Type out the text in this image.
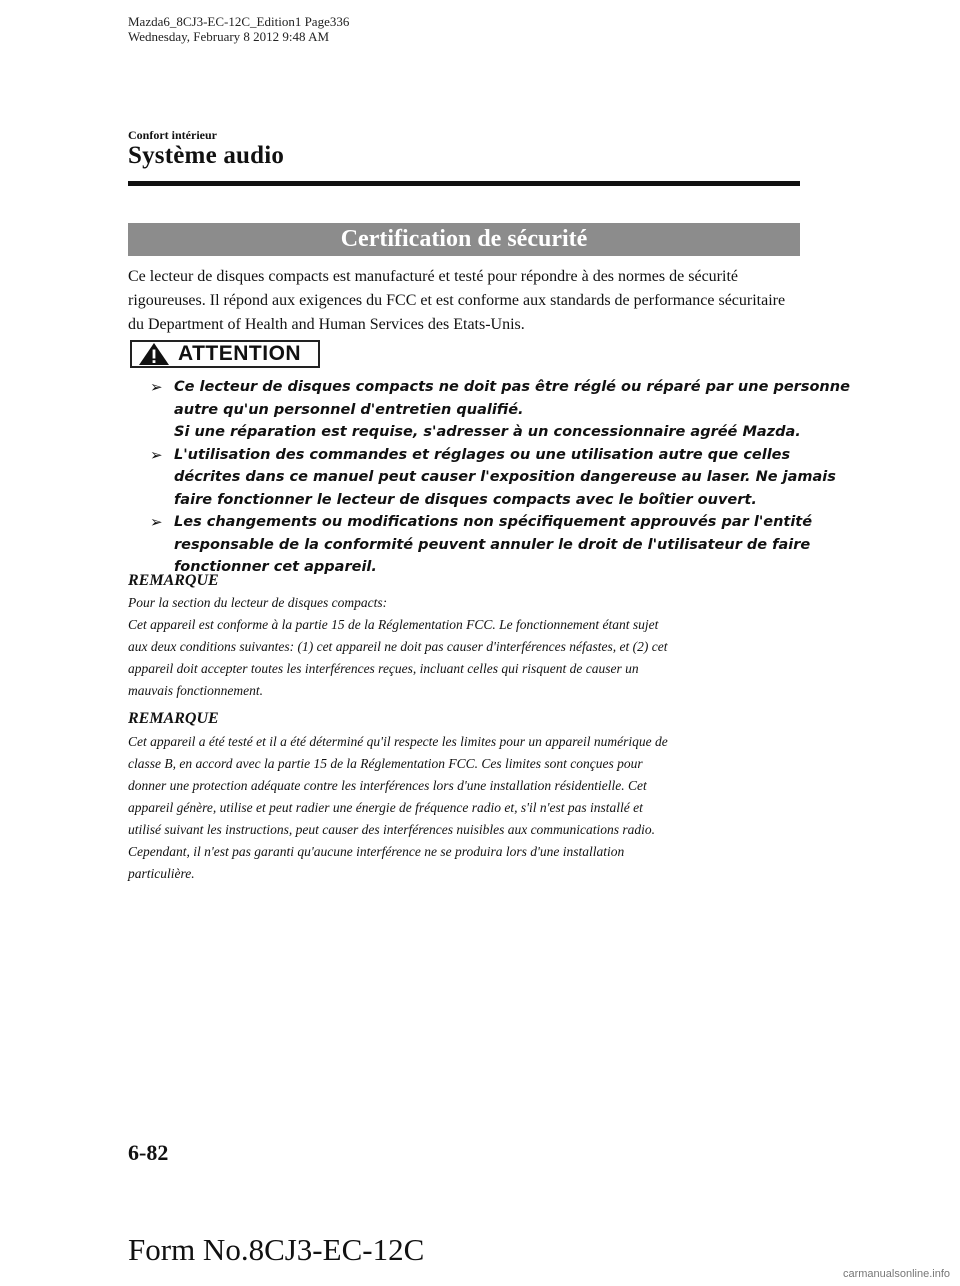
Mazda6_8CJ3-EC-12C_Edition1 Page336
Wednesday, February 8 2012 9:48 AM
Confort intérieur
Système audio
Certification de sécurité

Ce lecteur de disques compacts est manufacturé et testé pour répondre à des normes de sécurité rigoureuses. Il répond aux exigences du FCC et est conforme aux standards de performance sécuritaire du Department of Health and Human Services des Etats-Unis.

ATTENTION
➢ Ce lecteur de disques compacts ne doit pas être réglé ou réparé par une personne
autre qu'un personnel d'entretien qualifié.
Si une réparation est requise, s'adresser à un concessionnaire agréé Mazda.
➢ L'utilisation des commandes et réglages ou une utilisation autre que celles
décrites dans ce manuel peut causer l'exposition dangereuse au laser. Ne jamais
faire fonctionner le lecteur de disques compacts avec le boîtier ouvert.
➢ Les changements ou modifications non spécifiquement approuvés par l'entité
responsable de la conformité peuvent annuler le droit de l'utilisateur de faire
fonctionner cet appareil.
REMARQUE
Pour la section du lecteur de disques compacts:
Cet appareil est conforme à la partie 15 de la Réglementation FCC. Le fonctionnement étant sujet
aux deux conditions suivantes: (1) cet appareil ne doit pas causer d'interférences néfastes, et (2) cet
appareil doit accepter toutes les interférences reçues, incluant celles qui risquent de causer un
mauvais fonctionnement.
REMARQUE
Cet appareil a été testé et il a été déterminé qu'il respecte les limites pour un appareil numérique de
classe B, en accord avec la partie 15 de la Réglementation FCC. Ces limites sont conçues pour
donner une protection adéquate contre les interférences lors d'une installation résidentielle. Cet
appareil génère, utilise et peut radier une énergie de fréquence radio et, s'il n'est pas installé et
utilisé suivant les instructions, peut causer des interférences nuisibles aux communications radio.
Cependant, il n'est pas garanti qu'aucune interférence ne se produira lors d'une installation
particulière.
6-82
Form No.8CJ3-EC-12C
carmanualsonline.info
